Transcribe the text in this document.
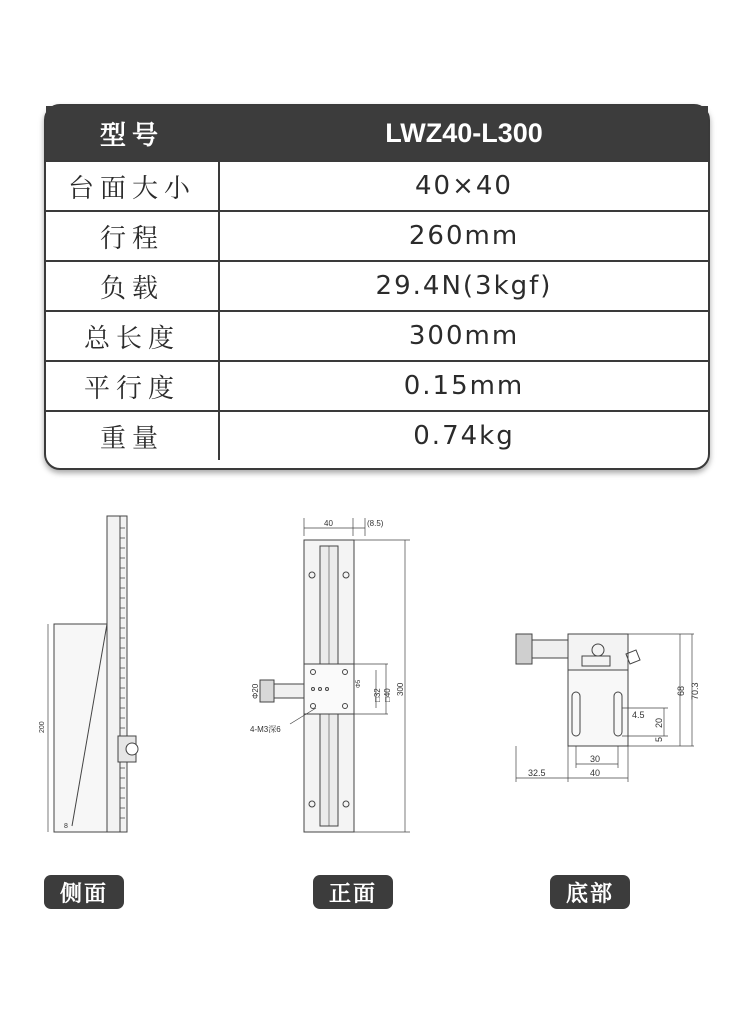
型号	LWZ40-L300
台面大小	40×40
行程	260mm
负载	29.4N(3kgf)
总长度	300mm
平行度	0.15mm
重量	0.74kg
200
8
40	(8.5)
Φ20	□32 □40
Φ5	300
4-M3深6
68 70.3
4.5
5
20
30
32.5	40
侧面	正面	底部
